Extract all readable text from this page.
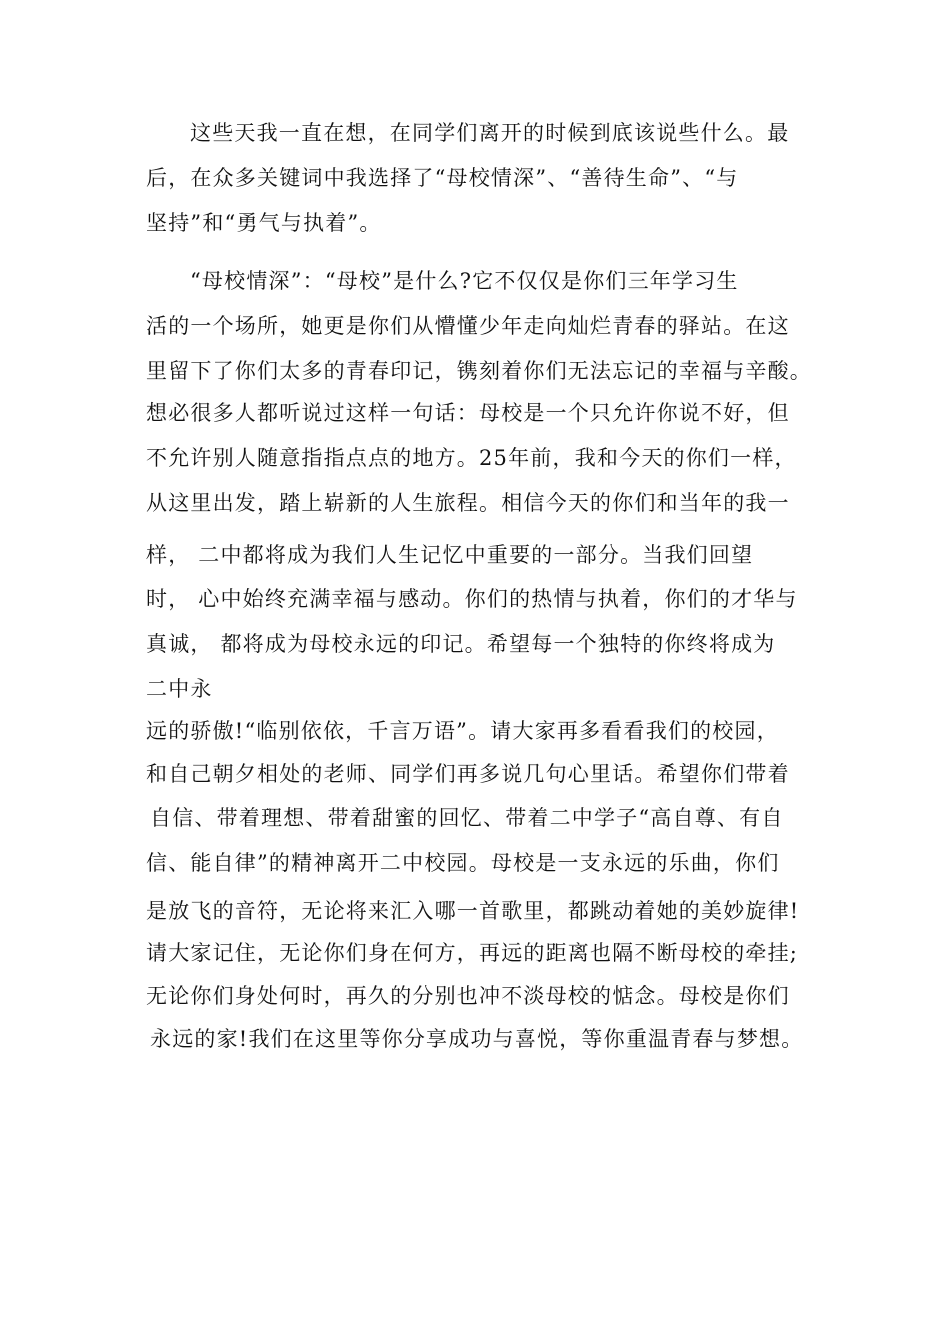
这些天我一直在想，在同学们离开的时候到底该说些什么。最
后，在众多关键词中我选择了“母校情深”、“善待生命”、“与
坚持”和“勇气与执着”。
“母校情深”：“母校”是什么?它不仅仅是你们三年学习生
活的一个场所，她更是你们从懵懂少年走向灿烂青春的驿站。在这
里留下了你们太多的青春印记，镌刻着你们无法忘记的幸福与辛酸。
想必很多人都听说过这样一句话：母校是一个只允许你说不好，但
不允许别人随意指指点点的地方。25年前，我和今天的你们一样，
从这里出发，踏上崭新的人生旅程。相信今天的你们和当年的我一
样， 二中都将成为我们人生记忆中重要的一部分。当我们回望
时， 心中始终充满幸福与感动。你们的热情与执着，你们的才华与
真诚， 都将成为母校永远的印记。希望每一个独特的你终将成为
二中永
远的骄傲!“临别依依，千言万语”。请大家再多看看我们的校园，
和自己朝夕相处的老师、同学们再多说几句心里话。希望你们带着
自信、带着理想、带着甜蜜的回忆、带着二中学子“高自尊、有自
信、能自律”的精神离开二中校园。母校是一支永远的乐曲，你们
是放飞的音符，无论将来汇入哪一首歌里，都跳动着她的美妙旋律!
请大家记住，无论你们身在何方，再远的距离也隔不断母校的牵挂;
无论你们身处何时，再久的分别也冲不淡母校的惦念。母校是你们
永远的家!我们在这里等你分享成功与喜悦，等你重温青春与梦想。
